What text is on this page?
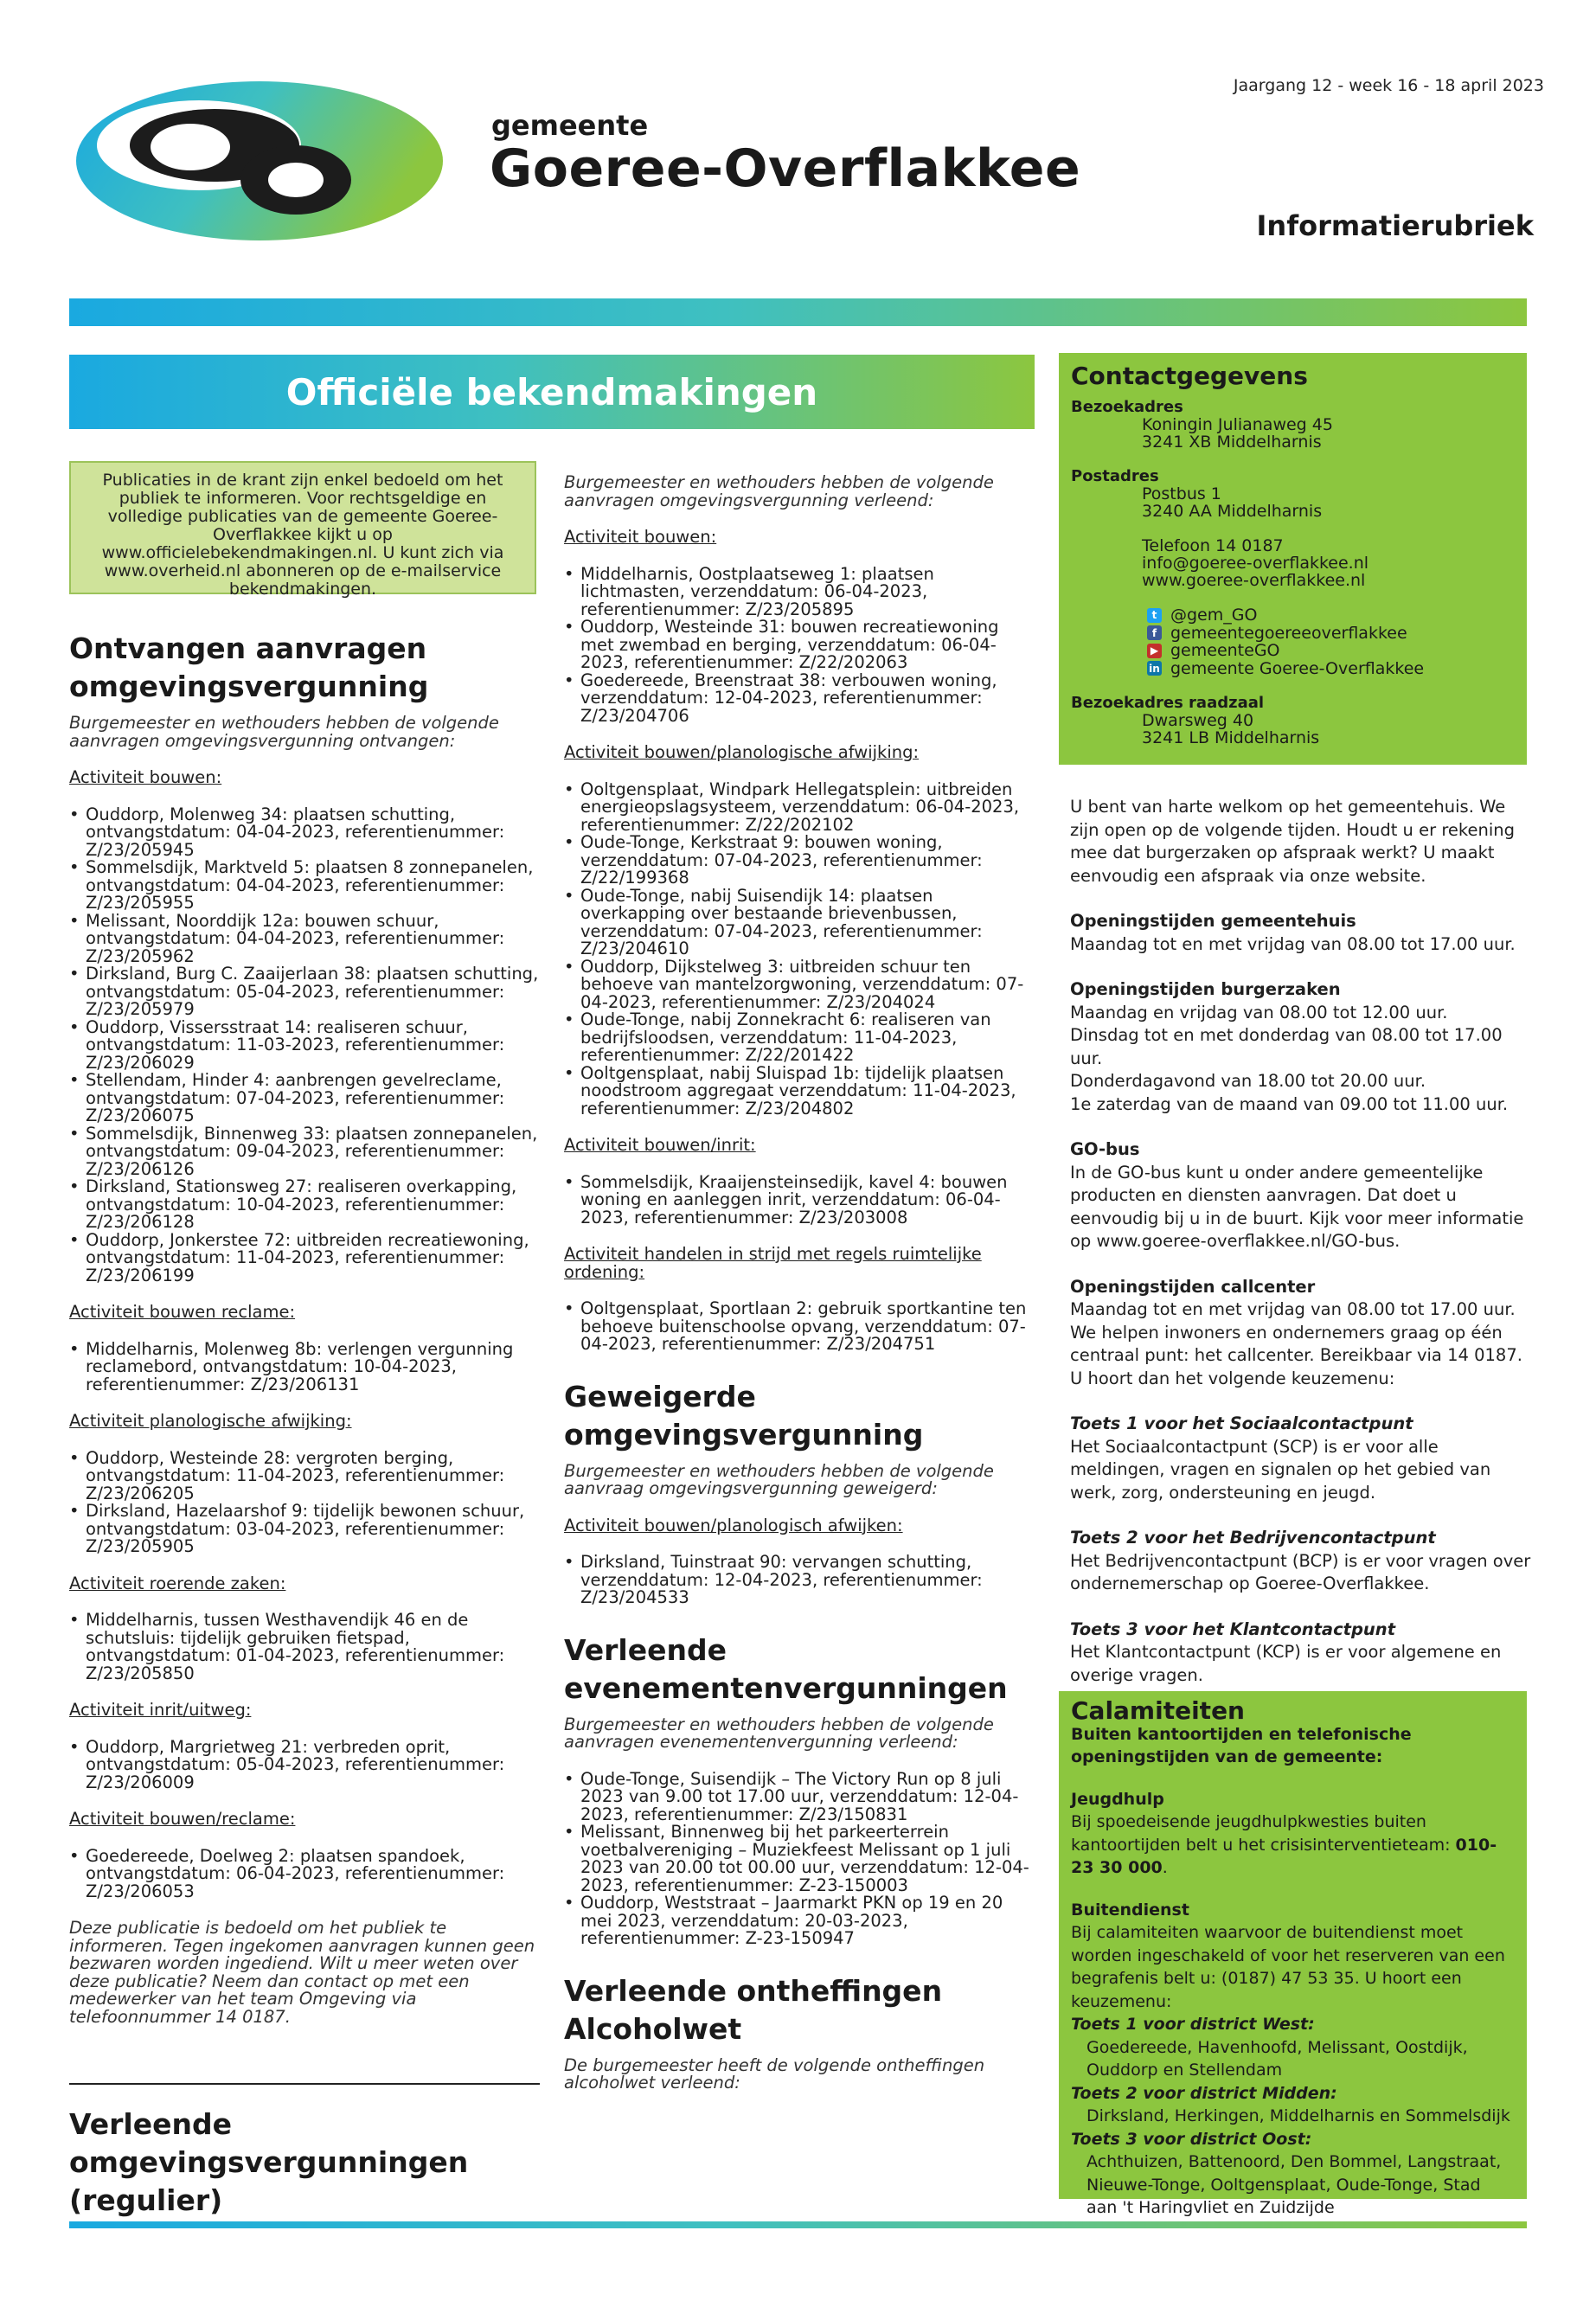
Jaargang 12 - week 16 - 18 april 2023
gemeente
Goeree-Overflakkee
Informatierubriek
Officiële bekendmakingen
Publicaties in de krant zijn enkel bedoeld om het publiek te informeren. Voor rechtsgeldige en volledige publicaties van de gemeente Goeree-Overflakkee kijkt u op www.officielebekendmakingen.nl. U kunt zich via www.overheid.nl abonneren op de e-mailservice bekendmakingen.
Ontvangen aanvragen omgevingsvergunning

Burgemeester en wethouders hebben de volgende aanvragen omgevingsvergunning ontvangen:

Activiteit bouwen:

• Ouddorp, Molenweg 34: plaatsen schutting, ontvangstdatum: 04-04-2023, referentienummer: Z/23/205945
• Sommelsdijk, Marktveld 5: plaatsen 8 zonnepanelen, ontvangstdatum: 04-04-2023, referentienummer: Z/23/205955
• Melissant, Noorddijk 12a: bouwen schuur, ontvangstdatum: 04-04-2023, referentienummer: Z/23/205962
• Dirksland, Burg C. Zaaijerlaan 38: plaatsen schutting, ontvangstdatum: 05-04-2023, referentienummer: Z/23/205979
• Ouddorp, Vissersstraat 14: realiseren schuur, ontvangstdatum: 11-03-2023, referentienummer: Z/23/206029
• Stellendam, Hinder 4: aanbrengen gevelreclame, ontvangstdatum: 07-04-2023, referentienummer: Z/23/206075
• Sommelsdijk, Binnenweg 33: plaatsen zonnepanelen, ontvangstdatum: 09-04-2023, referentienummer: Z/23/206126
• Dirksland, Stationsweg 27: realiseren overkapping, ontvangstdatum: 10-04-2023, referentienummer: Z/23/206128
• Ouddorp, Jonkerstee 72: uitbreiden recreatiewoning, ontvangstdatum: 11-04-2023, referentienummer: Z/23/206199

Activiteit bouwen reclame:

• Middelharnis, Molenweg 8b: verlengen vergunning reclamebord, ontvangstdatum: 10-04-2023, referentienummer: Z/23/206131

Activiteit planologische afwijking:

• Ouddorp, Westeinde 28: vergroten berging, ontvangstdatum: 11-04-2023, referentienummer: Z/23/206205
• Dirksland, Hazelaarshof 9: tijdelijk bewonen schuur, ontvangstdatum: 03-04-2023, referentienummer: Z/23/205905

Activiteit roerende zaken:

• Middelharnis, tussen Westhavendijk 46 en de schutsluis: tijdelijk gebruiken fietspad, ontvangstdatum: 01-04-2023, referentienummer: Z/23/205850

Activiteit inrit/uitweg:

• Ouddorp, Margrietweg 21: verbreden oprit, ontvangstdatum: 05-04-2023, referentienummer: Z/23/206009

Activiteit bouwen/reclame:

• Goedereede, Doelweg 2: plaatsen spandoek, ontvangstdatum: 06-04-2023, referentienummer: Z/23/206053

Deze publicatie is bedoeld om het publiek te informeren. Tegen ingekomen aanvragen kunnen geen bezwaren worden ingediend. Wilt u meer weten over deze publicatie? Neem dan contact op met een medewerker van het team Omgeving via telefoonnummer 14 0187.

Verleende omgevingsvergunningen (regulier)

Burgemeester en wethouders hebben de volgende aanvragen omgevingsvergunning verleend:

Activiteit bouwen:

• Middelharnis, Oostplaatseweg 1: plaatsen lichtmasten, verzenddatum: 06-04-2023, referentienummer: Z/23/205895
• Ouddorp, Westeinde 31: bouwen recreatiewoning met zwembad en berging, verzenddatum: 06-04-2023, referentienummer: Z/22/202063
• Goedereede, Breenstraat 38: verbouwen woning, verzenddatum: 12-04-2023, referentienummer: Z/23/204706

Activiteit bouwen/planologische afwijking:

• Ooltgensplaat, Windpark Hellegatsplein: uitbreiden energieopslagsysteem, verzenddatum: 06-04-2023, referentienummer: Z/22/202102
• Oude-Tonge, Kerkstraat 9: bouwen woning, verzenddatum: 07-04-2023, referentienummer: Z/22/199368
• Oude-Tonge, nabij Suisendijk 14: plaatsen overkapping over bestaande brievenbussen, verzenddatum: 07-04-2023, referentienummer: Z/23/204610
• Ouddorp, Dijkstelweg 3: uitbreiden schuur ten behoeve van mantelzorgwoning, verzenddatum: 07-04-2023, referentienummer: Z/23/204024
• Oude-Tonge, nabij Zonnekracht 6: realiseren van bedrijfsloodsen, verzenddatum: 11-04-2023, referentienummer: Z/22/201422
• Ooltgensplaat, nabij Sluispad 1b: tijdelijk plaatsen noodstroom aggregaat verzenddatum: 11-04-2023, referentienummer: Z/23/204802

Activiteit bouwen/inrit:

• Sommelsdijk, Kraaijensteinsedijk, kavel 4: bouwen woning en aanleggen inrit, verzenddatum: 06-04-2023, referentienummer: Z/23/203008

Activiteit handelen in strijd met regels ruimtelijke ordening:

• Ooltgensplaat, Sportlaan 2: gebruik sportkantine ten behoeve buitenschoolse opvang, verzenddatum: 07-04-2023, referentienummer: Z/23/204751
Geweigerde omgevingsvergunning

Burgemeester en wethouders hebben de volgende aanvraag omgevingsvergunning geweigerd:

Activiteit bouwen/planologisch afwijken:

• Dirksland, Tuinstraat 90: vervangen schutting, verzenddatum: 12-04-2023, referentienummer: Z/23/204533
Verleende evenementenvergunningen

Burgemeester en wethouders hebben de volgende aanvragen evenementenvergunning verleend:

• Oude-Tonge, Suisendijk – The Victory Run op 8 juli 2023 van 9.00 tot 17.00 uur, verzenddatum: 12-04-2023, referentienummer: Z/23/150831
• Melissant, Binnenweg bij het parkeerterrein voetbalvereniging – Muziekfeest Melissant op 1 juli 2023 van 20.00 tot 00.00 uur, verzenddatum: 12-04-2023, referentienummer: Z-23-150003
• Ouddorp, Weststraat – Jaarmarkt PKN op 19 en 20 mei 2023, verzenddatum: 20-03-2023, referentienummer: Z-23-150947
Verleende ontheffingen Alcoholwet

De burgemeester heeft de volgende ontheffingen alcoholwet verleend:

Contactgegevens
Bezoekadres
Koningin Julianaweg 45
3241 XB Middelharnis
Postadres
Postbus 1
3240 AA Middelharnis
Telefoon 14 0187
info@goeree-overflakkee.nl
www.goeree-overflakkee.nl
t @gem_GO
f gemeentegoereeoverflakkee
▶ gemeenteGO
in gemeente Goeree-Overflakkee
Bezoekadres raadzaal
Dwarsweg 40
3241 LB Middelharnis

U bent van harte welkom op het gemeentehuis. We zijn open op de volgende tijden. Houdt u er rekening mee dat burgerzaken op afspraak werkt? U maakt eenvoudig een afspraak via onze website.

Openingstijden gemeentehuis

Maandag tot en met vrijdag van 08.00 tot 17.00 uur.

Openingstijden burgerzaken

Maandag en vrijdag van 08.00 tot 12.00 uur.

Dinsdag tot en met donderdag van 08.00 tot 17.00 uur.

Donderdagavond van 18.00 tot 20.00 uur.

1e zaterdag van de maand van 09.00 tot 11.00 uur.

GO-bus

In de GO-bus kunt u onder andere gemeentelijke producten en diensten aanvragen. Dat doet u eenvoudig bij u in de buurt. Kijk voor meer informatie op www.goeree-overflakkee.nl/GO-bus.

Openingstijden callcenter

Maandag tot en met vrijdag van 08.00 tot 17.00 uur. We helpen inwoners en ondernemers graag op één centraal punt: het callcenter. Bereikbaar via 14 0187. U hoort dan het volgende keuzemenu:

Toets 1 voor het Sociaalcontactpunt

Het Sociaalcontactpunt (SCP) is er voor alle meldingen, vragen en signalen op het gebied van werk, zorg, ondersteuning en jeugd.

Toets 2 voor het Bedrijvencontactpunt

Het Bedrijvencontactpunt (BCP) is er voor vragen over ondernemerschap op Goeree-Overflakkee.

Toets 3 voor het Klantcontactpunt

Het Klantcontactpunt (KCP) is er voor algemene en overige vragen.

Calamiteiten

Buiten kantoortijden en telefonische openingstijden van de gemeente:

Jeugdhulp

Bij spoedeisende jeugdhulpkwesties buiten kantoortijden belt u het crisisinterventieteam: 010-23 30 000.

Buitendienst

Bij calamiteiten waarvoor de buitendienst moet worden ingeschakeld of voor het reserveren van een begrafenis belt u: (0187) 47 53 35. U hoort een keuzemenu:

Toets 1 voor district West:

Goedereede, Havenhoofd, Melissant, Oostdijk, Ouddorp en Stellendam

Toets 2 voor district Midden:

Dirksland, Herkingen, Middelharnis en Sommelsdijk

Toets 3 voor district Oost:

Achthuizen, Battenoord, Den Bommel, Langstraat, Nieuwe-Tonge, Ooltgensplaat, Oude-Tonge, Stad aan 't Haringvliet en Zuidzijde
